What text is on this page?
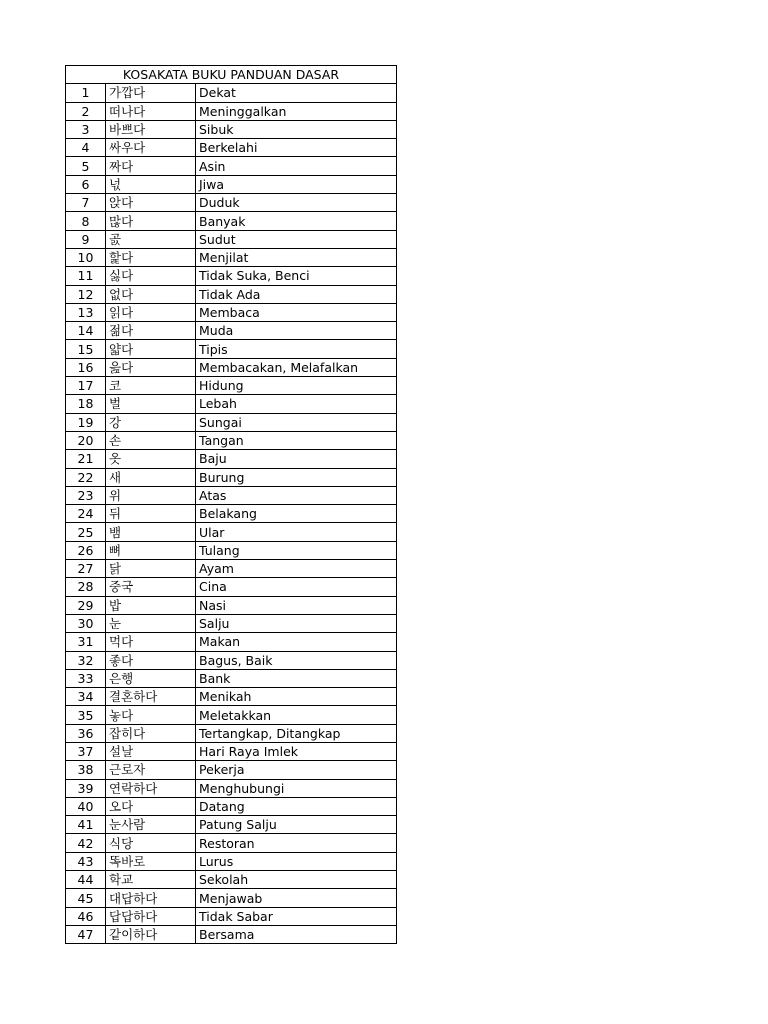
KOSAKATA BUKU PANDUAN DASAR		
1	가깝다	Dekat
2	떠나다	Meninggalkan
3	바쁘다	Sibuk
4	싸우다	Berkelahi
5	짜다	Asin
6	넋	Jiwa
7	앉다	Duduk
8	많다	Banyak
9	곬	Sudut
10	핥다	Menjilat
11	싫다	Tidak Suka, Benci
12	없다	Tidak Ada
13	읽다	Membaca
14	젊다	Muda
15	얇다	Tipis
16	읊다	Membacakan, Melafalkan
17	코	Hidung
18	벌	Lebah
19	강	Sungai
20	손	Tangan
21	옷	Baju
22	새	Burung
23	위	Atas
24	뒤	Belakang
25	뱀	Ular
26	뼈	Tulang
27	닭	Ayam
28	중국	Cina
29	밥	Nasi
30	눈	Salju
31	먹다	Makan
32	좋다	Bagus, Baik
33	은행	Bank
34	결혼하다	Menikah
35	놓다	Meletakkan
36	잡히다	Tertangkap, Ditangkap
37	설날	Hari Raya Imlek
38	근로자	Pekerja
39	연락하다	Menghubungi
40	오다	Datang
41	눈사람	Patung Salju
42	식당	Restoran
43	똑바로	Lurus
44	학교	Sekolah
45	대답하다	Menjawab
46	답답하다	Tidak Sabar
47	같이하다	Bersama
